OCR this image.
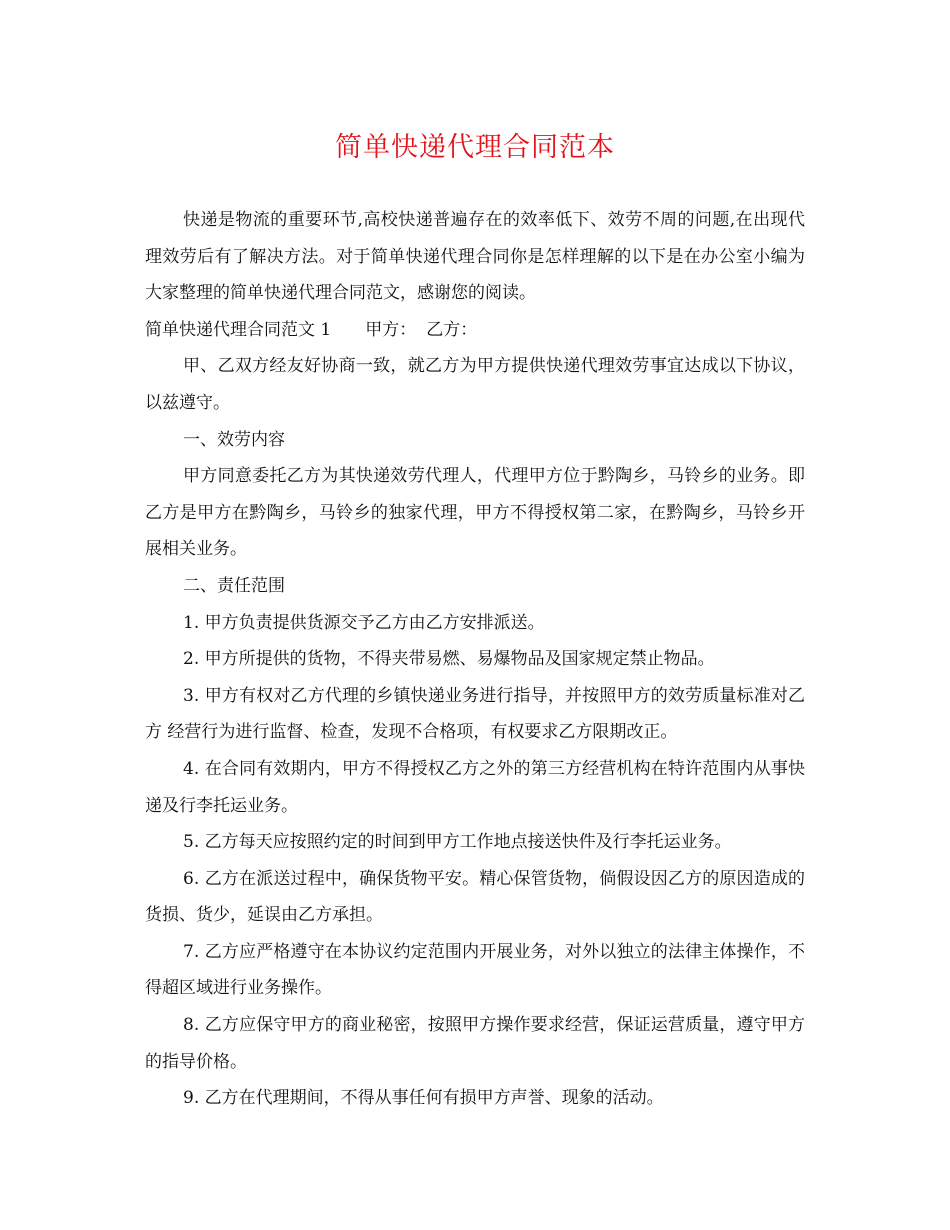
简单快递代理合同范本

快递是物流的重要环节,高校快递普遍存在的效率低下、效劳不周的问题,在出现代理效劳后有了解决方法。对于简单快递代理合同你是怎样理解的以下是在办公室小编为大家整理的简单快递代理合同范文，感谢您的阅读。

简单快递代理合同范文 1 甲方： 乙方：

甲、乙双方经友好协商一致，就乙方为甲方提供快递代理效劳事宜达成以下协议，以兹遵守。

一、效劳内容

甲方同意委托乙方为其快递效劳代理人，代理甲方位于黔陶乡，马铃乡的业务。即乙方是甲方在黔陶乡，马铃乡的独家代理，甲方不得授权第二家，在黔陶乡，马铃乡开展相关业务。

二、责任范围

1. 甲方负责提供货源交予乙方由乙方安排派送。

2. 甲方所提供的货物，不得夹带易燃、易爆物品及国家规定禁止物品。

3. 甲方有权对乙方代理的乡镇快递业务进行指导，并按照甲方的效劳质量标准对乙方 经营行为进行监督、检查，发现不合格项，有权要求乙方限期改正。

4. 在合同有效期内，甲方不得授权乙方之外的第三方经营机构在特许范围内从事快递及行李托运业务。

5. 乙方每天应按照约定的时间到甲方工作地点接送快件及行李托运业务。

6. 乙方在派送过程中，确保货物平安。精心保管货物，倘假设因乙方的原因造成的货损、货少，延误由乙方承担。

7. 乙方应严格遵守在本协议约定范围内开展业务，对外以独立的法律主体操作，不得超区域进行业务操作。

8. 乙方应保守甲方的商业秘密，按照甲方操作要求经营，保证运营质量，遵守甲方的指导价格。

9. 乙方在代理期间，不得从事任何有损甲方声誉、现象的活动。
